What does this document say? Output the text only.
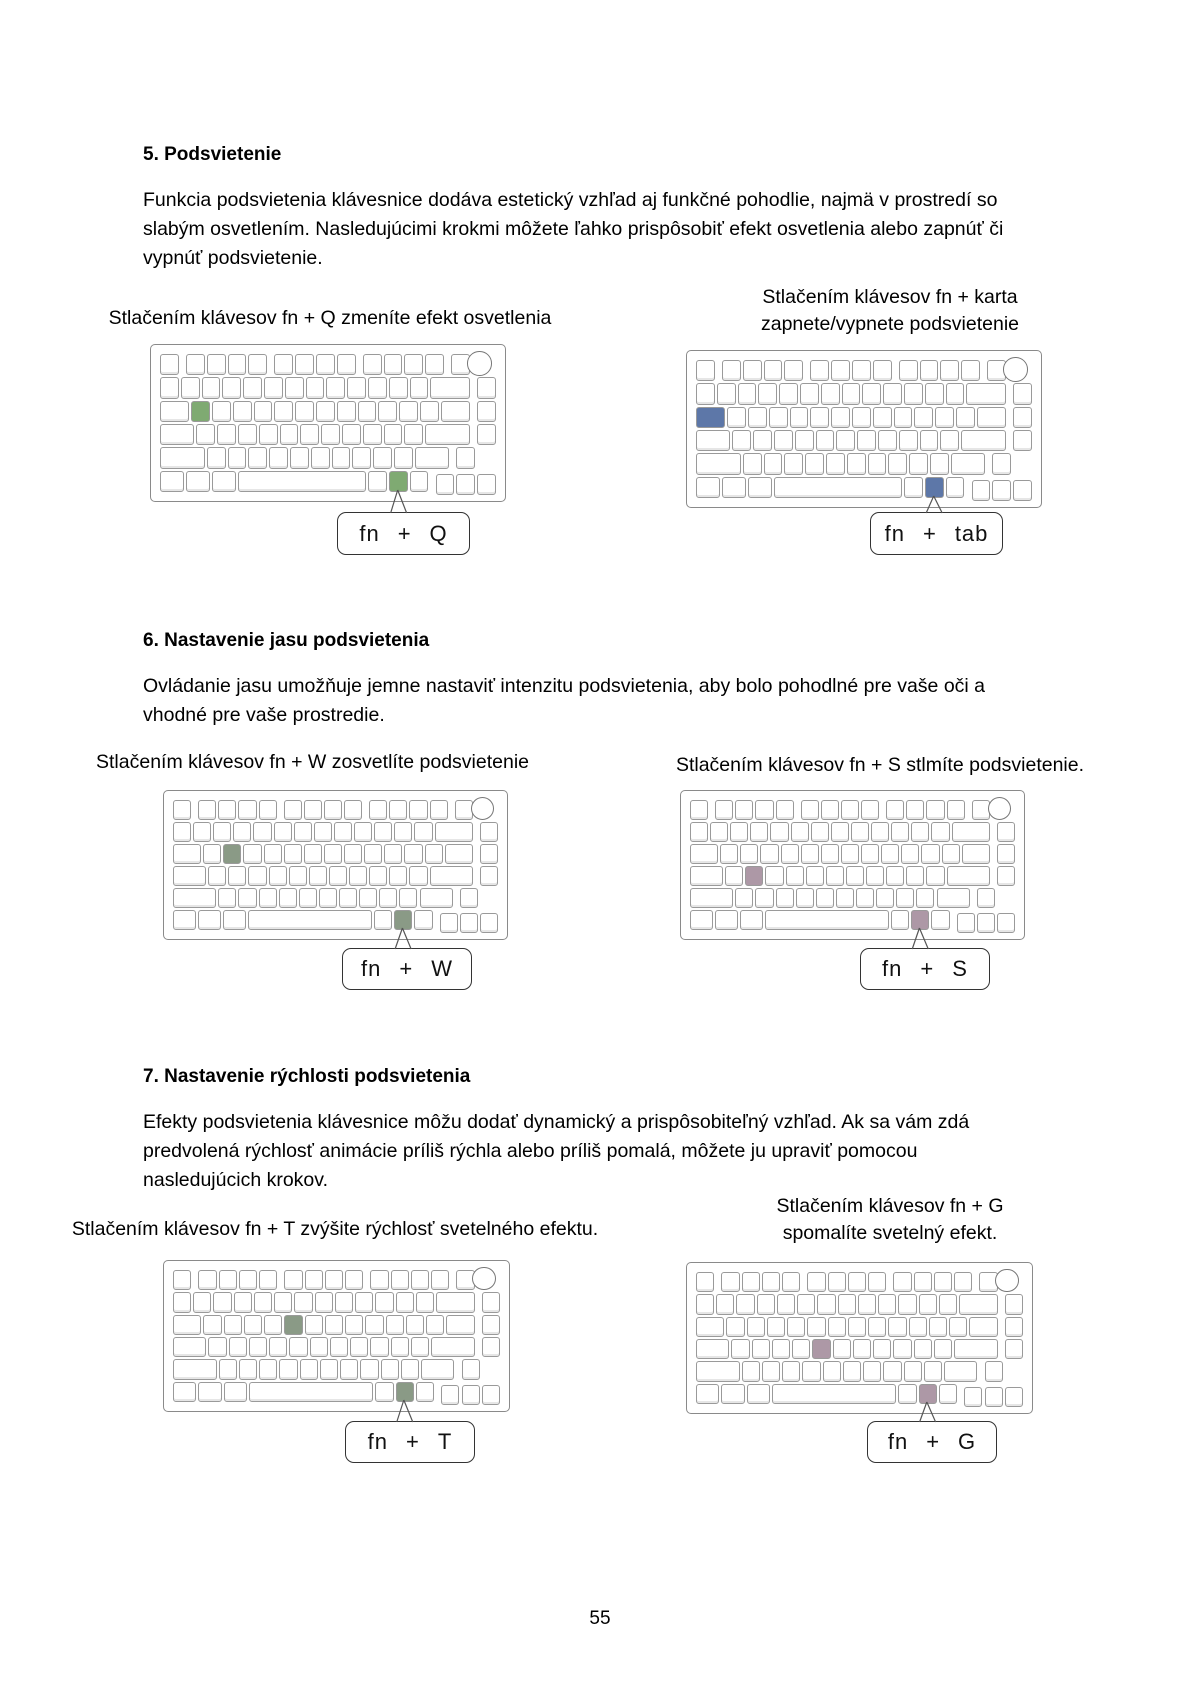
5. Podsvietenie
Funkcia podsvietenia klávesnice dodáva estetický vzhľad aj funkčné pohodlie, najmä v prostredí so
slabým osvetlením. Nasledujúcimi krokmi môžete ľahko prispôsobiť efekt osvetlenia alebo zapnúť či
vypnúť podsvietenie.
Stlačením klávesov fn + Q zmeníte efekt osvetlenia
fn + Q
Stlačením klávesov fn + karta
zapnete/vypnete podsvietenie
fn + tab
6. Nastavenie jasu podsvietenia
Ovládanie jasu umožňuje jemne nastaviť intenzitu podsvietenia, aby bolo pohodlné pre vaše oči a
vhodné pre vaše prostredie.
Stlačením klávesov fn + W zosvetlíte podsvietenie
fn + W
Stlačením klávesov fn + S stlmíte podsvietenie.
fn + S
7. Nastavenie rýchlosti podsvietenia
Efekty podsvietenia klávesnice môžu dodať dynamický a prispôsobiteľný vzhľad. Ak sa vám zdá
predvolená rýchlosť animácie príliš rýchla alebo príliš pomalá, môžete ju upraviť pomocou
nasledujúcich krokov.
Stlačením klávesov fn + T zvýšite rýchlosť svetelného efektu.
fn + T
Stlačením klávesov fn + G
spomalíte svetelný efekt.
fn + G
55
